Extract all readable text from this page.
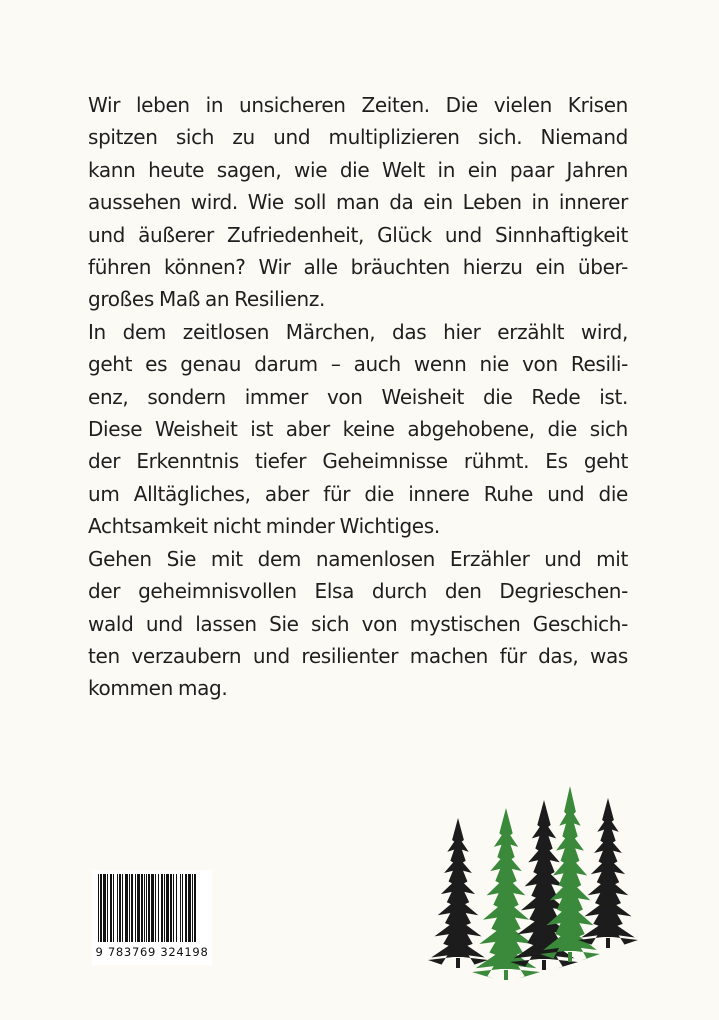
Wir leben in unsicheren Zeiten. Die vielen Krisen
spitzen sich zu und multiplizieren sich. Niemand
kann heute sagen, wie die Welt in ein paar Jahren
aussehen wird. Wie soll man da ein Leben in innerer
und äußerer Zufriedenheit, Glück und Sinnhaftigkeit
führen können? Wir alle bräuchten hierzu ein über-
großes Maß an Resilienz.
In dem zeitlosen Märchen, das hier erzählt wird,
geht es genau darum – auch wenn nie von Resili-
enz, sondern immer von Weisheit die Rede ist.
Diese Weisheit ist aber keine abgehobene, die sich
der Erkenntnis tiefer Geheimnisse rühmt. Es geht
um Alltägliches, aber für die innere Ruhe und die
Achtsamkeit nicht minder Wichtiges.
Gehen Sie mit dem namenlosen Erzähler und mit
der geheimnisvollen Elsa durch den Degrieschen-
wald und lassen Sie sich von mystischen Geschich-
ten verzaubern und resilienter machen für das, was
kommen mag.
9 783769 324198
